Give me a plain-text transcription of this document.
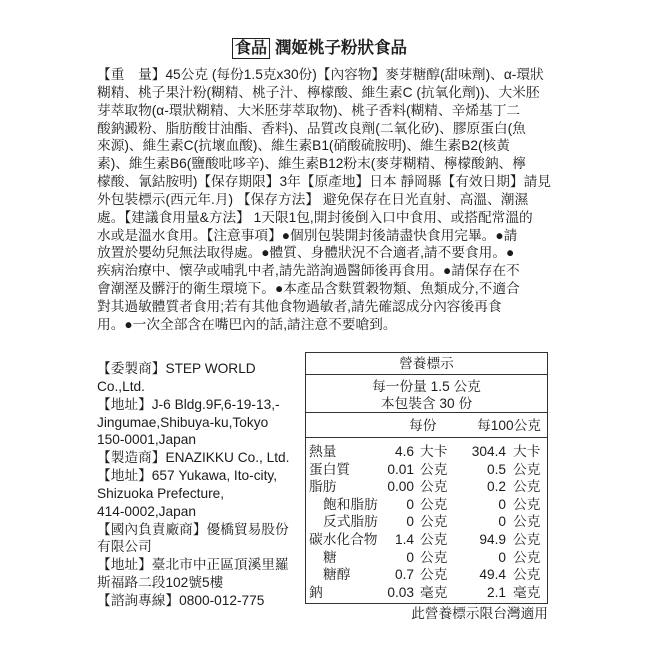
食品 潤姬桃子粉狀食品
【重　量】45公克 (每份1.5克x30份)【內容物】麥芽糖醇(甜味劑)、α-環狀
糊精、桃子果汁粉(糊精、桃子汁、檸檬酸、維生素C (抗氧化劑))、大米胚
芽萃取物(α-環狀糊精、大米胚芽萃取物)、桃子香料(糊精、辛烯基丁二
酸鈉澱粉、脂肪酸甘油酯、香料)、品質改良劑(二氧化矽)、膠原蛋白(魚
來源)、維生素C(抗壞血酸)、維生素B1(硝酸硫胺明)、維生素B2(核黃
素)、維生素B6(鹽酸吡哆辛)、維生素B12粉末(麥芽糊精、檸檬酸鈉、檸
檬酸、氰鈷胺明)【保存期限】3年【原產地】日本 靜岡縣【有效日期】請見
外包裝標示(西元年.月) 【保存方法】 避免保存在日光直射、高溫、潮濕
處。【建議食用量&方法】 1天限1包,開封後倒入口中食用、或搭配常溫的
水或是溫水食用。【注意事項】●個別包裝開封後請盡快食用完畢。●請
放置於嬰幼兒無法取得處。●體質、身體狀況不合適者,請不要食用。●
疾病治療中、懷孕或哺乳中者,請先諮詢過醫師後再食用。●請保存在不
會潮溼及髒汙的衛生環境下。●本產品含麩質穀物類、魚類成分,不適合
對其過敏體質者食用;若有其他食物過敏者,請先確認成分內容後再食
用。●一次全部含在嘴巴內的話,請注意不要嗆到。
【委製商】STEP WORLD
Co.,Ltd.
【地址】J-6 Bldg.9F,6-19-13,-
Jingumae,Shibuya-ku,Tokyo
150-0001,Japan
【製造商】ENAZIKKU Co., Ltd.
【地址】657 Yukawa, Ito-city,
Shizuoka Prefecture,
414-0002,Japan
【國內負責廠商】優橋貿易股份
有限公司
【地址】臺北市中正區頂溪里羅
斯福路二段102號5樓
【諮詢專線】0800-012-775
營養標示
每一份量 1.5 公克
本包裝含 30 份
每份	每100公克
熱量	4.6 大卡 304.4 大卡
蛋白質	0.01 公克	0.5 公克
脂肪	0.00 公克	0.2 公克
飽和脂肪 0 公克	0 公克
反式脂肪 0 公克	0 公克
碳水化合物 1.4 公克 94.9 公克
糖	0 公克	0 公克
糖醇	0.7 公克 49.4 公克
鈉	0.03 毫克	2.1 毫克
此營養標示限台灣適用
